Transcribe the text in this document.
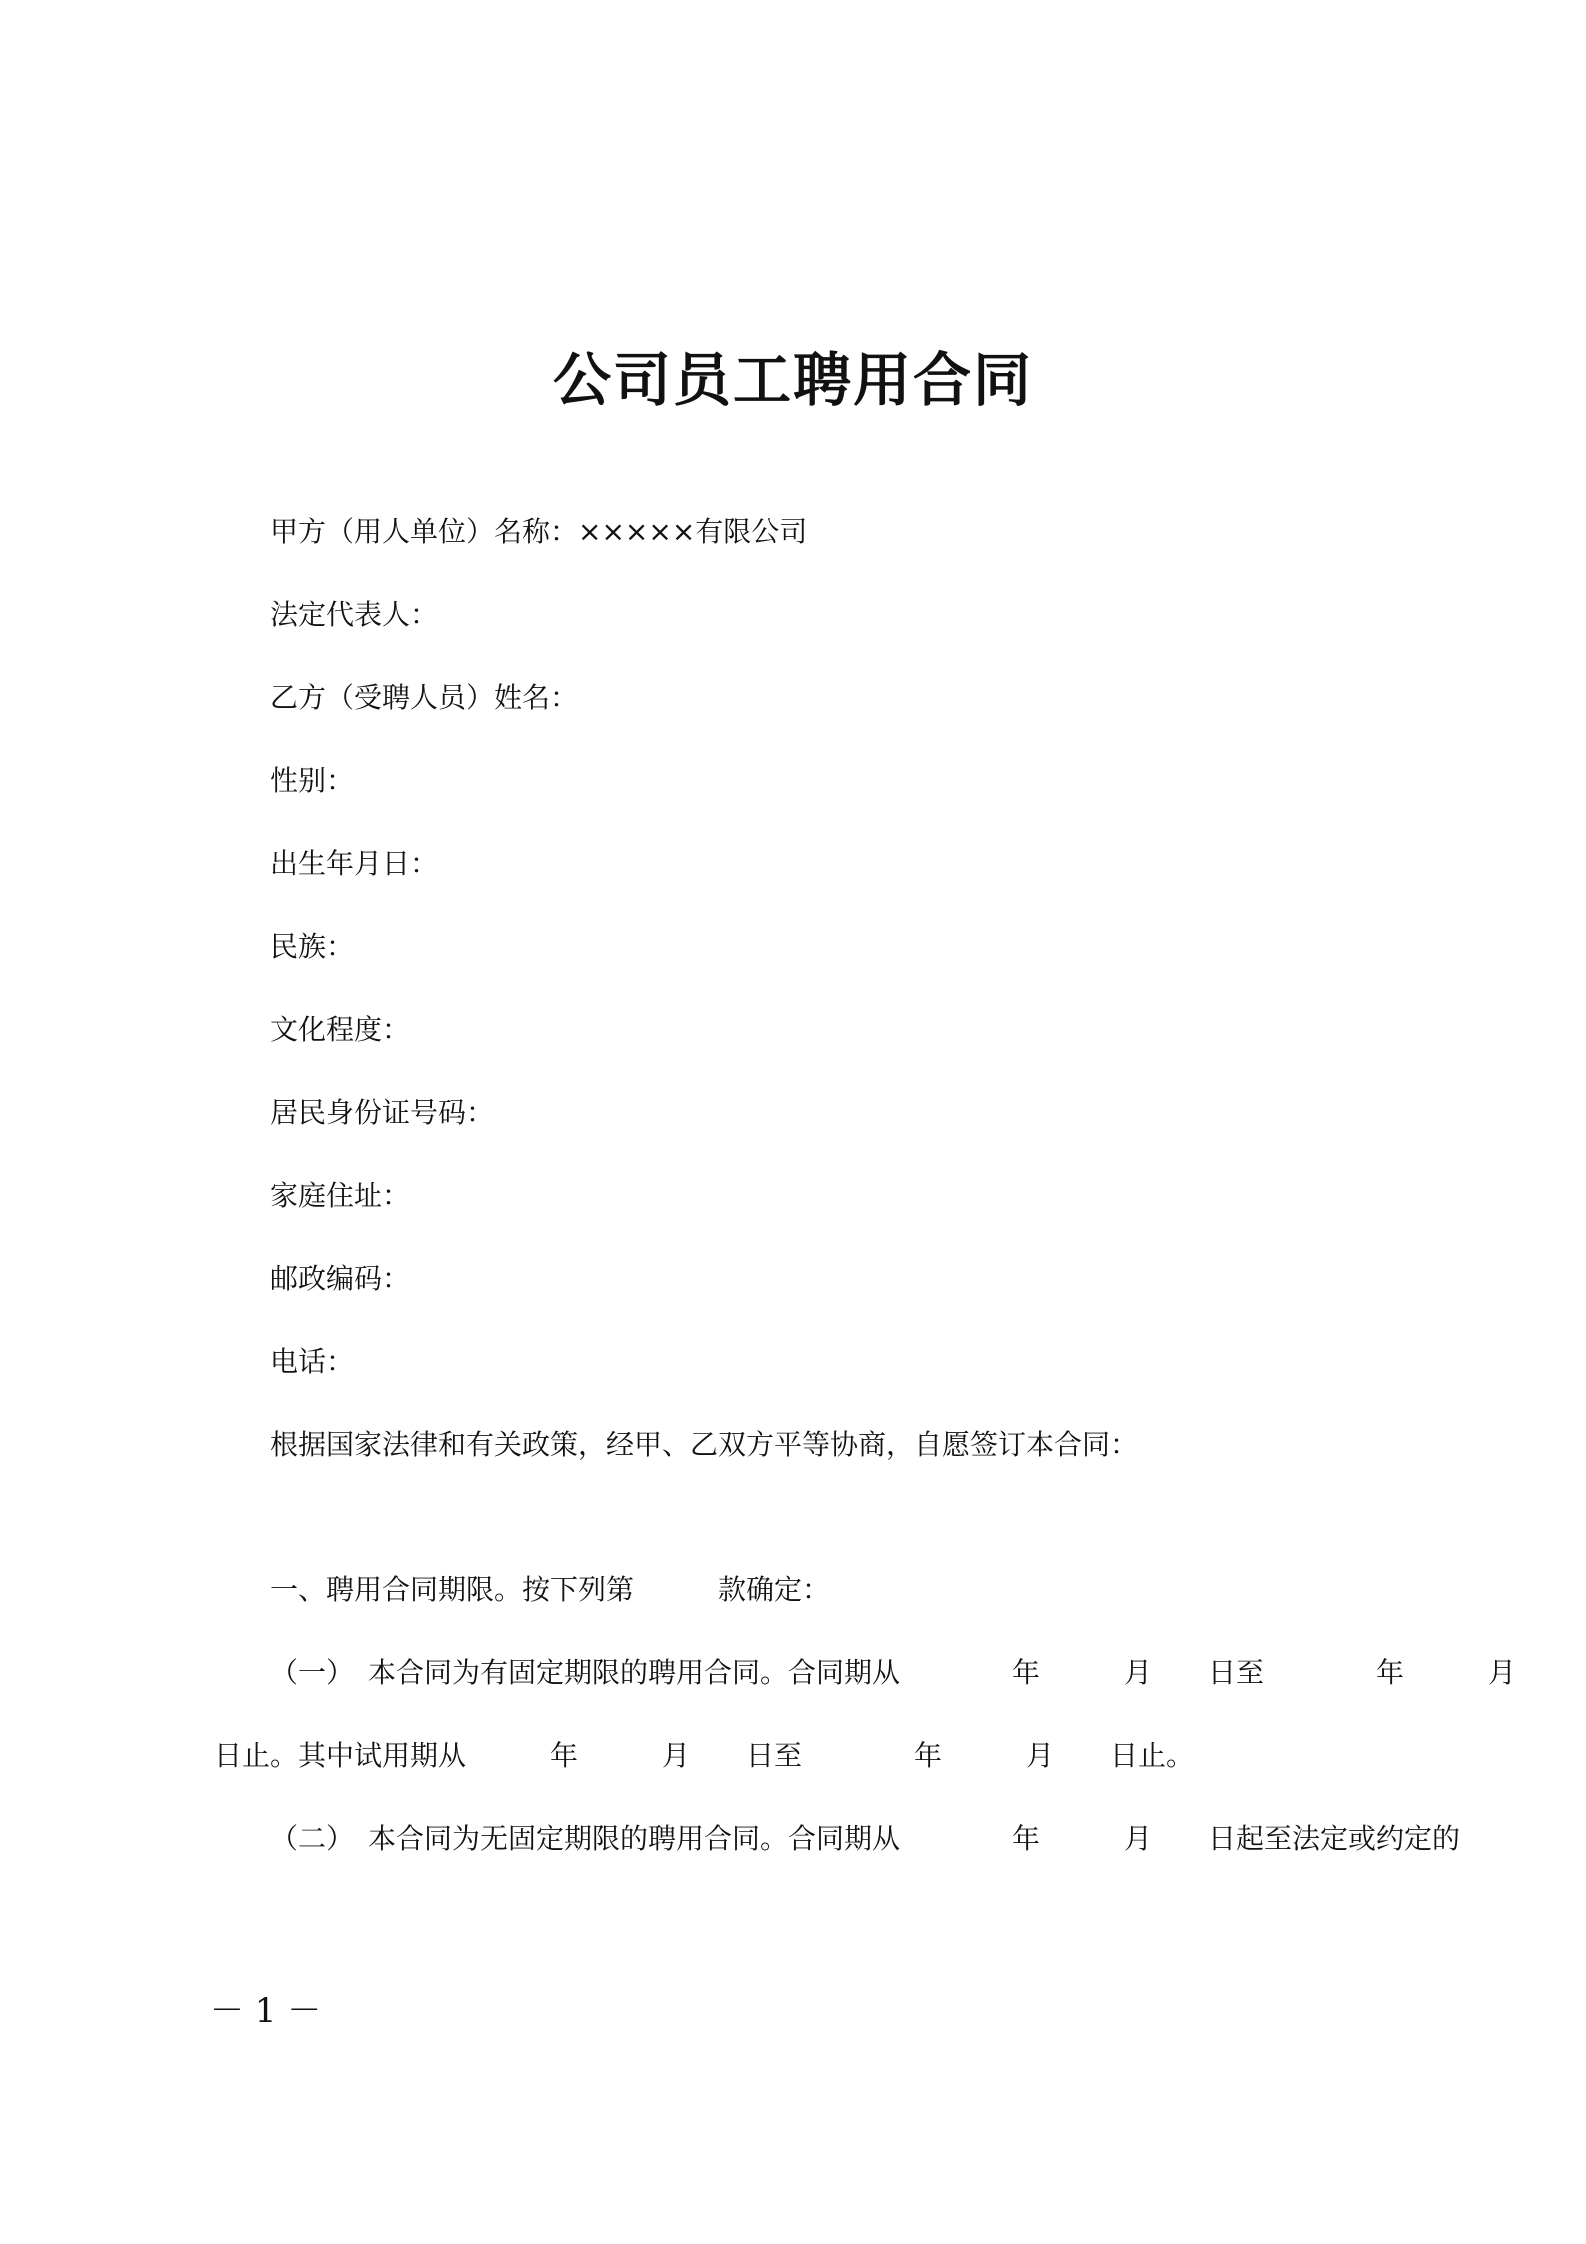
公司员工聘用合同
甲方（用人单位）名称：×××××有限公司
法定代表人：
乙方（受聘人员）姓名：
性别：
出生年月日：
民族：
文化程度：
居民身份证号码：
家庭住址：
邮政编码：
电话：
根据国家法律和有关政策，经甲、乙双方平等协商，自愿签订本合同：
一、聘用合同期限。按下列第　　　款确定：
（一）　本合同为有固定期限的聘用合同。合同期从　　　　年　　　月　　日至　　　　年　　　月
日止。其中试用期从　　　年　　　月　　日至　　　　年　　　月　　日止。
（二）　本合同为无固定期限的聘用合同。合同期从　　　　年　　　月　　日起至法定或约定的
－ 1 －
